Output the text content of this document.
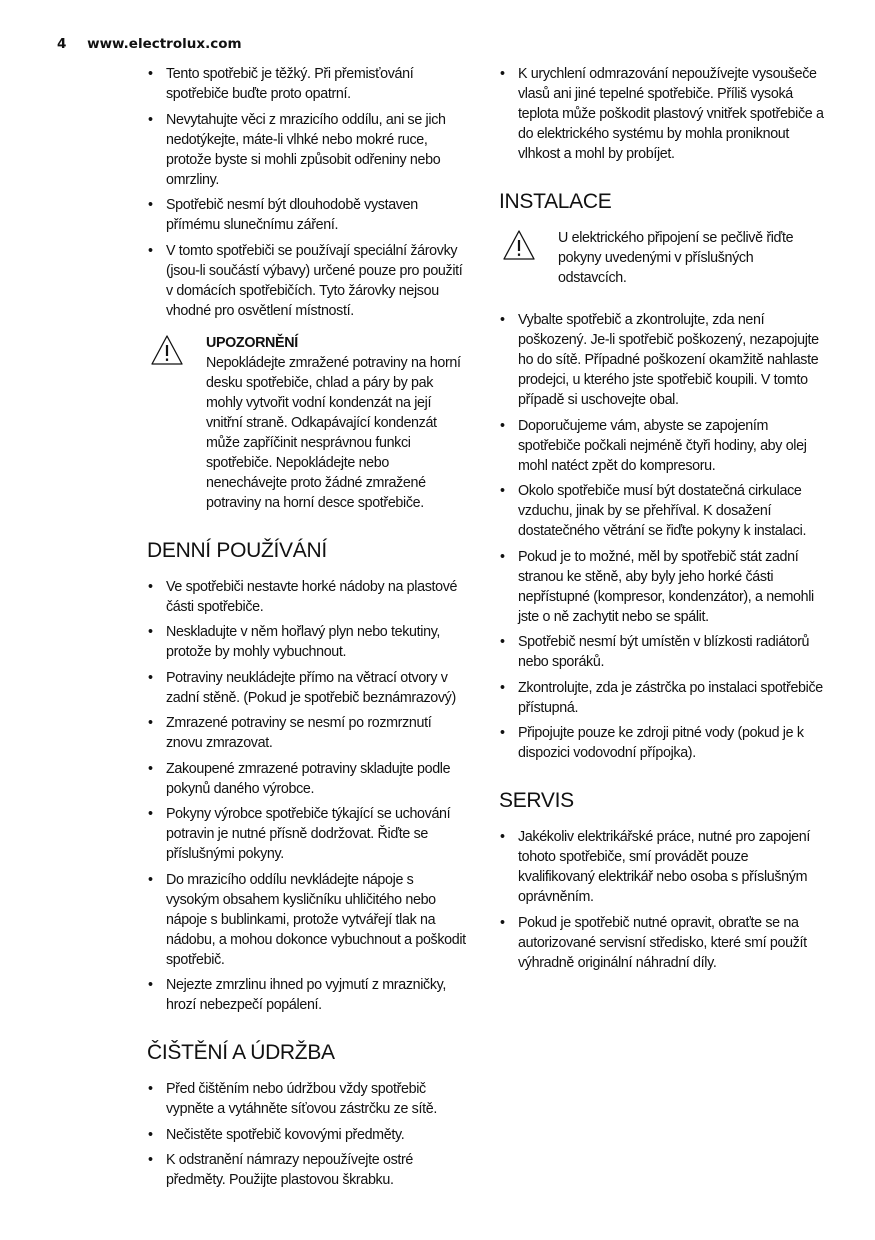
4 www.electrolux.com
• Tento spotřebič je těžký. Při přemisťování spotřebiče buďte proto opatrní.
• Nevytahujte věci z mrazicího oddílu, ani se jich nedotýkejte, máte-li vlhké nebo mokré ruce, protože byste si mohli způsobit odřeniny nebo omrzliny.
• Spotřebič nesmí být dlouhodobě vystaven přímému slunečnímu záření.
• V tomto spotřebiči se používají speciální žárovky (jsou-li součástí výbavy) určené pouze pro použití v domácích spotřebičích. Tyto žárovky nejsou vhodné pro osvětlení místností.
UPOZORNĚNÍ
Nepokládejte zmražené potraviny na horní desku spotřebiče, chlad a páry by pak mohly vytvořit vodní kondenzát na její vnitřní straně. Odkapávající kondenzát může zapříčinit nesprávnou funkci spotřebiče. Nepokládejte nebo nenechávejte proto žádné zmražené potraviny na horní desce spotřebiče.
DENNÍ POUŽÍVÁNÍ
• Ve spotřebiči nestavte horké nádoby na plastové části spotřebiče.
• Neskladujte v něm hořlavý plyn nebo tekutiny, protože by mohly vybuchnout.
• Potraviny neukládejte přímo na větrací otvory v zadní stěně. (Pokud je spotřebič beznámrazový)
• Zmrazené potraviny se nesmí po rozmrznutí znovu zmrazovat.
• Zakoupené zmrazené potraviny skladujte podle pokynů daného výrobce.
• Pokyny výrobce spotřebiče týkající se uchování potravin je nutné přísně dodržovat. Řiďte se příslušnými pokyny.
• Do mrazicího oddílu nevkládejte nápoje s vysokým obsahem kysličníku uhličitého nebo nápoje s bublinkami, protože vytvářejí tlak na nádobu, a mohou dokonce vybuchnout a poškodit spotřebič.
• Nejezte zmrzlinu ihned po vyjmutí z mrazničky, hrozí nebezpečí popálení.
ČIŠTĚNÍ A ÚDRŽBA
• Před čištěním nebo údržbou vždy spotřebič vypněte a vytáhněte síťovou zástrčku ze sítě.
• Nečistěte spotřebič kovovými předměty.
• K odstranění námrazy nepoužívejte ostré předměty. Použijte plastovou škrabku.
• K urychlení odmrazování nepoužívejte vysoušeče vlasů ani jiné tepelné spotřebiče. Příliš vysoká teplota může poškodit plastový vnitřek spotřebiče a do elektrického systému by mohla proniknout vlhkost a mohl by probíjet.
INSTALACE
U elektrického připojení se pečlivě řiďte pokyny uvedenými v příslušných odstavcích.
• Vybalte spotřebič a zkontrolujte, zda není poškozený. Je-li spotřebič poškozený, nezapojujte ho do sítě. Případné poškození okamžitě nahlaste prodejci, u kterého jste spotřebič koupili. V tomto případě si uschovejte obal.
• Doporučujeme vám, abyste se zapojením spotřebiče počkali nejméně čtyři hodiny, aby olej mohl natéct zpět do kompresoru.
• Okolo spotřebiče musí být dostatečná cirkulace vzduchu, jinak by se přehříval. K dosažení dostatečného větrání se řiďte pokyny k instalaci.
• Pokud je to možné, měl by spotřebič stát zadní stranou ke stěně, aby byly jeho horké části nepřístupné (kompresor, kondenzátor), a nemohli jste o ně zachytit nebo se spálit.
• Spotřebič nesmí být umístěn v blízkosti radiátorů nebo sporáků.
• Zkontrolujte, zda je zástrčka po instalaci spotřebiče přístupná.
• Připojujte pouze ke zdroji pitné vody (pokud je k dispozici vodovodní přípojka).
SERVIS
• Jakékoliv elektrikářské práce, nutné pro zapojení tohoto spotřebiče, smí provádět pouze kvalifikovaný elektrikář nebo osoba s příslušným oprávněním.
• Pokud je spotřebič nutné opravit, obraťte se na autorizované servisní středisko, které smí použít výhradně originální náhradní díly.
